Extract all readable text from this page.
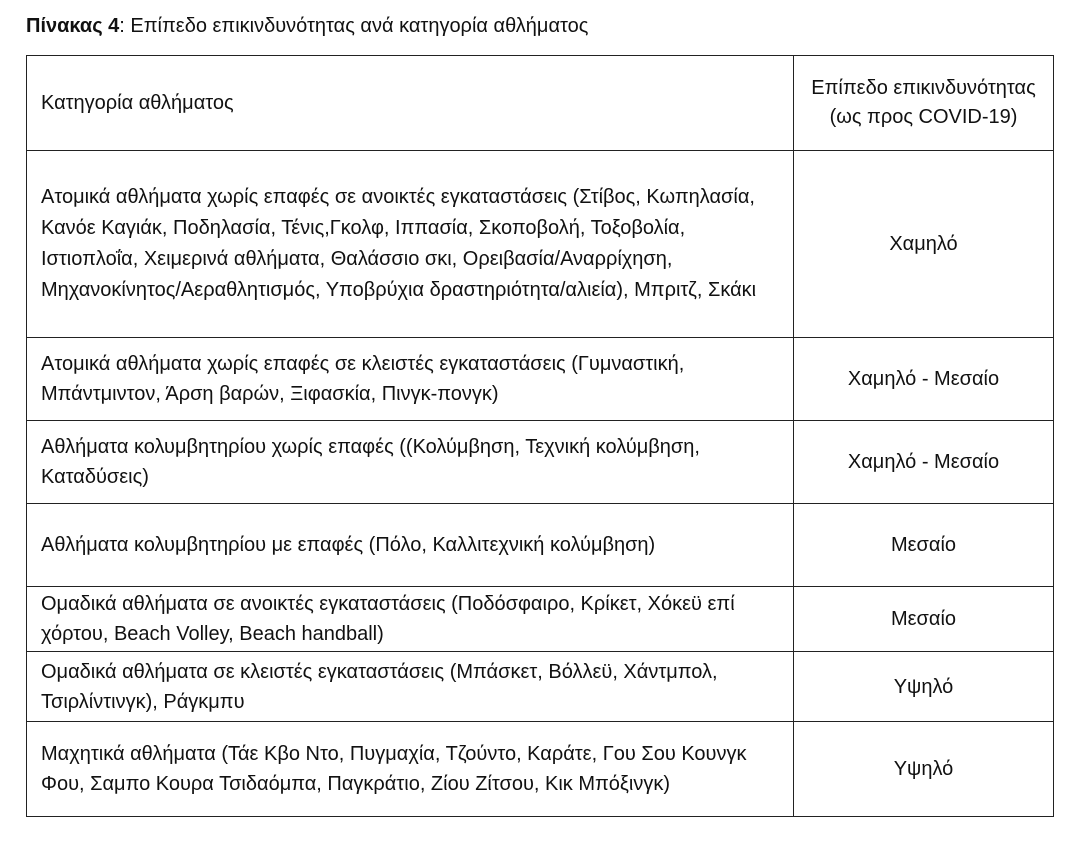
Πίνακας 4: Επίπεδο επικινδυνότητας ανά κατηγορία αθλήματος
Κατηγορία αθλήματος	Επίπεδο επικινδυνότητας (ως προς COVID-19)
Ατομικά αθλήματα χωρίς επαφές σε ανοικτές εγκαταστάσεις (Στίβος, Κωπηλασία, Κανόε Καγιάκ, Ποδηλασία, Τένις,Γκολφ, Ιππασία, Σκοποβολή, Τοξοβολία, Ιστιοπλοΐα, Χειμερινά αθλήματα, Θαλάσσιο σκι, Ορειβασία/Αναρρίχηση, Μηχανοκίνητος/Αεραθλητισμός, Υποβρύχια δραστηριότητα/αλιεία), Μπριτζ, Σκάκι	Χαμηλό
Ατομικά αθλήματα χωρίς επαφές σε κλειστές εγκαταστάσεις (Γυμναστική, Μπάντμιντον, Άρση βαρών, Ξιφασκία, Πινγκ-πονγκ)	Χαμηλό - Μεσαίο
Αθλήματα κολυμβητηρίου χωρίς επαφές ((Κολύμβηση, Τεχνική κολύμβηση, Καταδύσεις)	Χαμηλό - Μεσαίο
Αθλήματα κολυμβητηρίου με επαφές (Πόλο, Καλλιτεχνική κολύμβηση)	Μεσαίο
Ομαδικά αθλήματα σε ανοικτές εγκαταστάσεις (Ποδόσφαιρο, Κρίκετ, Χόκεϋ επί χόρτου, Beach Volley, Beach handball)	Μεσαίο
Ομαδικά αθλήματα σε κλειστές εγκαταστάσεις (Μπάσκετ, Βόλλεϋ, Χάντμπολ, Τσιρλίντινγκ), Ράγκμπυ	Υψηλό
Μαχητικά αθλήματα (Τάε Κβο Ντο, Πυγμαχία, Τζούντο, Καράτε, Γου Σου Κουνγκ Φου, Σαμπο Κουρα Τσιδαόμπα, Παγκράτιο, Ζίου Ζίτσου, Κικ Μπόξινγκ)	Υψηλό
